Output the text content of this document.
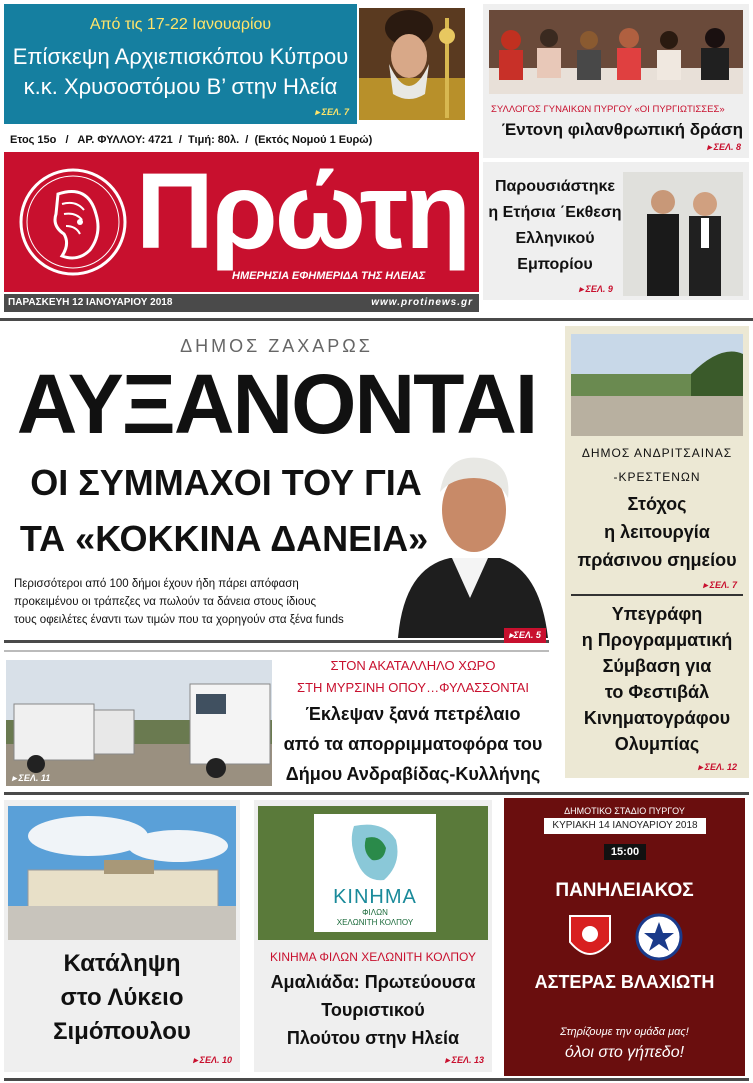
Από τις 17-22 Ιανουαρίου
Επίσκεψη Αρχιεπισκόπου Κύπρου
κ.κ. Χρυσοστόμου Β’ στην Ηλεία
▸ ΣΕΛ. 7
Ετος 15ο   /   ΑΡ. ΦΥΛΛΟΥ: 4721  /  Τιμή: 80λ.  /  (Εκτός Νομού 1 Ευρώ)
Πρώτη
ΗΜΕΡΗΣΙΑ ΕΦΗΜΕΡΙΔΑ ΤΗΣ ΗΛΕΙΑΣ
ΠΑΡΑΣΚΕΥΗ 12 ΙΑΝΟΥΑΡΙΟΥ 2018	www.protinews.gr
ΣΥΛΛΟΓΟΣ ΓΥΝΑΙΚΩΝ ΠΥΡΓΟΥ «ΟΙ ΠΥΡΓΙΩΤΙΣΣΕΣ»
Έντονη φιλανθρωπική δράση
▸ ΣΕΛ. 8
Παρουσιάστηκε
η Ετήσια ΄Εκθεση
Ελληνικού
Εμπορίου
▸ ΣΕΛ. 9
ΔΗΜΟΣ ΖΑΧΑΡΩΣ
ΑΥΞΑΝΟΝΤΑΙ
ΟΙ ΣΥΜΜΑΧΟΙ ΤΟΥ ΓΙΑ
ΤΑ «ΚΟΚΚΙΝΑ ΔΑΝΕΙΑ»
Περισσότεροι από 100 δήμοι έχουν ήδη πάρει απόφαση
προκειμένου οι τράπεζες να πωλούν τα δάνεια στους ίδιους
τους οφειλέτες έναντι των τιμών που τα χορηγούν στα ξένα funds
▸ΣΕΛ. 5
ΔΗΜΟΣ ΑΝΔΡΙΤΣΑΙΝΑΣ
-ΚΡΕΣΤΕΝΩΝ
Στόχος
η λειτουργία
πράσινου σημείου
▸ ΣΕΛ. 7
Υπεγράφη
η Προγραμματική
Σύμβαση για
το Φεστιβάλ
Κινηματογράφου
Ολυμπίας
▸ ΣΕΛ. 12
▸ ΣΕΛ. 11
ΣΤΟΝ ΑΚΑΤΑΛΛΗΛΟ ΧΩΡΟ
ΣΤΗ ΜΥΡΣΙΝΗ ΟΠΟΥ…ΦΥΛΑΣΣΟΝΤΑΙ
Έκλεψαν ξανά πετρέλαιο
από τα απορριμματοφόρα του
Δήμου Ανδραβίδας-Κυλλήνης
Κατάληψη
στο Λύκειο
Σιμόπουλου
▸ ΣΕΛ. 10
ΚΙΝΗΜΑ
ΦΙΛΩΝ
ΧΕΛΩΝΙΤΗ ΚΟΛΠΟΥ
ΚΙΝΗΜΑ ΦΙΛΩΝ ΧΕΛΩΝΙΤΗ ΚΟΛΠΟΥ
Αμαλιάδα: Πρωτεύουσα
Τουριστικού
Πλούτου στην Ηλεία
▸ ΣΕΛ. 13
ΔΗΜΟΤΙΚΟ ΣΤΑΔΙΟ ΠΥΡΓΟΥ
ΚΥΡΙΑΚΗ 14 ΙΑΝΟΥΑΡΙΟΥ 2018
15:00
ΠΑΝΗΛΕΙΑΚΟΣ
ΑΣΤΕΡΑΣ ΒΛΑΧΙΩΤΗ
Στηρίζουμε την ομάδα μας!
όλοι στο γήπεδο!
